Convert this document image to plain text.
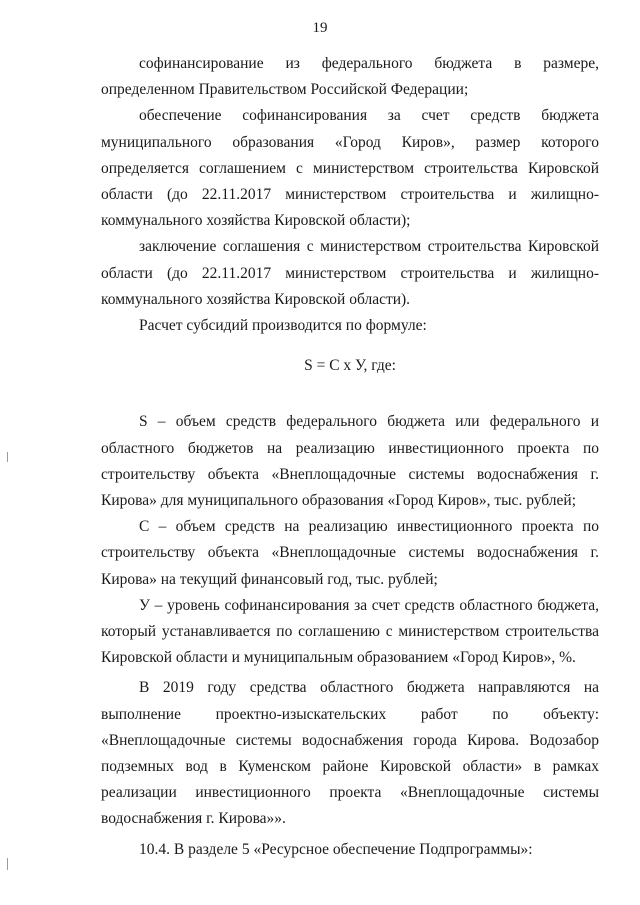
19

софинансирование из федерального бюджета в размере, определенном Правительством Российской Федерации;

обеспечение софинансирования за счет средств бюджета муниципального образования «Город Киров», размер которого определяется соглашением с министерством строительства Кировской области (до 22.11.2017 министерством строительства и жилищно-коммунального хозяйства Кировской области);

заключение соглашения с министерством строительства Кировской области (до 22.11.2017 министерством строительства и жилищно-коммунального хозяйства Кировской области).

Расчет субсидий производится по формуле:

S = С х У, где:

S – объем средств федерального бюджета или федерального и областного бюджетов на реализацию инвестиционного проекта по строительству объекта «Внеплощадочные системы водоснабжения г. Кирова» для муниципального образования «Город Киров», тыс. рублей;

С – объем средств на реализацию инвестиционного проекта по строительству объекта «Внеплощадочные системы водоснабжения г. Кирова» на текущий финансовый год, тыс. рублей;

У – уровень софинансирования за счет средств областного бюджета, который устанавливается по соглашению с министерством строительства Кировской области и муниципальным образованием «Город Киров», %.

В 2019 году средства областного бюджета направляются на выполнение проектно-изыскательских работ по объекту: «Внеплощадочные системы водоснабжения города Кирова. Водозабор подземных вод в Куменском районе Кировской области» в рамках реализации инвестиционного проекта «Внеплощадочные системы водоснабжения г. Кирова»».

10.4. В разделе 5 «Ресурсное обеспечение Подпрограммы»:
